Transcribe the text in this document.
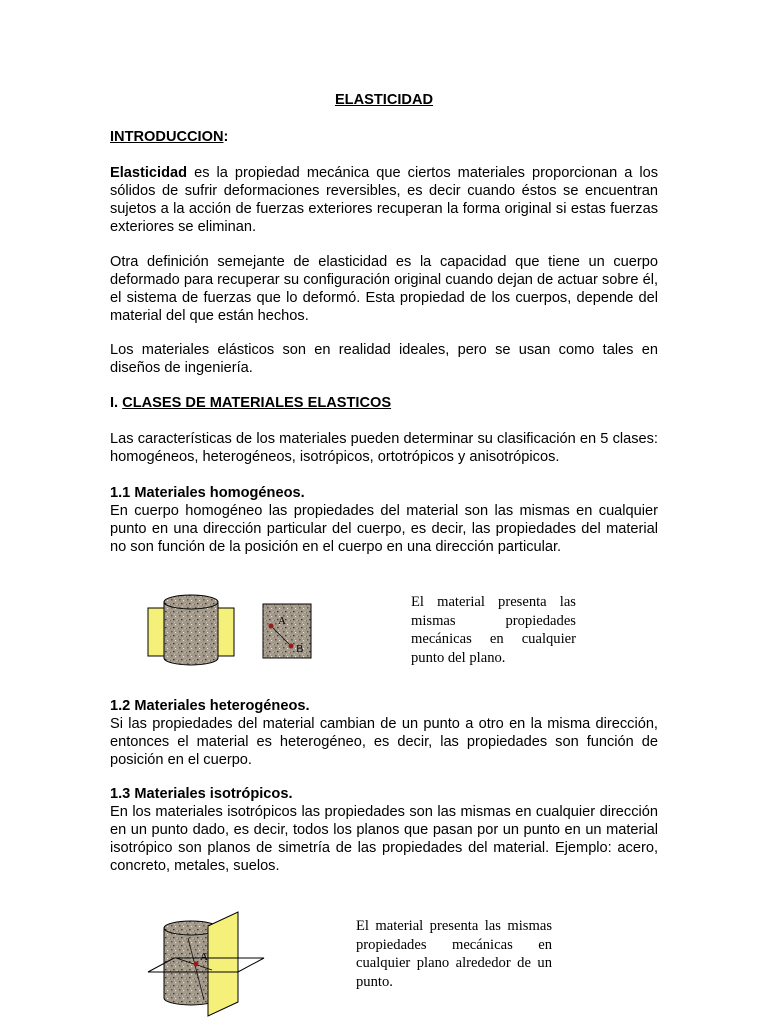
ELASTICIDAD
INTRODUCCION:

Elasticidad es la propiedad mecánica que ciertos materiales proporcionan a los sólidos de sufrir deformaciones reversibles, es decir cuando éstos se encuentran sujetos a la acción de fuerzas exteriores recuperan la forma original si estas fuerzas exteriores se eliminan.

Otra definición semejante de elasticidad es la capacidad que tiene un cuerpo deformado para recuperar su configuración original cuando dejan de actuar sobre él, el sistema de fuerzas que lo deformó. Esta propiedad de los cuerpos, depende del material del que están hechos.

Los materiales elásticos son en realidad ideales, pero se usan como tales en diseños de ingeniería.

I. CLASES DE MATERIALES ELASTICOS

Las características de los materiales pueden determinar su clasificación en 5 clases: homogéneos, heterogéneos, isotrópicos, ortotrópicos y anisotrópicos.

1.1 Materiales homogéneos.

En cuerpo homogéneo las propiedades del material son las mismas en cualquier punto en una dirección particular del cuerpo, es decir, las propiedades del material no son función de la posición en el cuerpo en una dirección particular.

A
B
El material presenta las mismas propiedades mecánicas en cualquier punto del plano.

1.2 Materiales heterogéneos.

Si las propiedades del material cambian de un punto a otro en la misma dirección, entonces el material es heterogéneo, es decir, las propiedades son función de posición en el cuerpo.

1.3 Materiales isotrópicos.

En los materiales isotrópicos las propiedades son las mismas en cualquier dirección en un punto dado, es decir, todos los planos que pasan por un punto en un material isotrópico son planos de simetría de las propiedades del material. Ejemplo: acero, concreto, metales, suelos.

A
El material presenta las mismas propiedades mecánicas en cualquier plano alrededor de un punto.
